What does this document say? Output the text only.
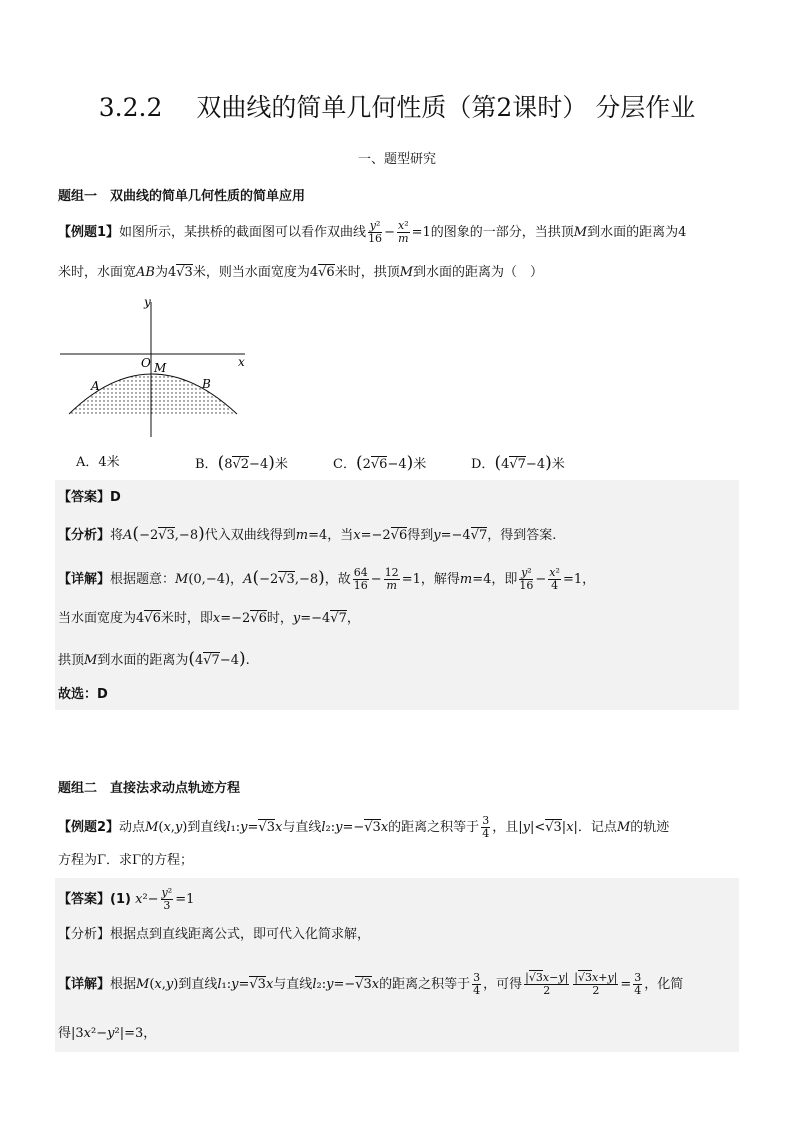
3.2.2 双曲线的简单几何性质（第2课时） 分层作业
一、题型研究
题组一　双曲线的简单几何性质的简单应用
【例题1】如图所示，某拱桥的截面图可以看作双曲线 $\frac{\text{y²}}{16} - \frac{\text{x²}}{m} =1$的图象的一部分，当拱顶M到水面的距离为4
米时，水面宽AB为4√3米，则当水面宽度为4√6米时，拱顶M到水面的距离为（　）
y
x
O M
A	B
A．4米	B．(8√2−4)米	C．(2√6−4)米	D．(4√7−4)米
【答案】D
【分析】将A(−2√3,−8)代入双曲线得到m=4，当x=−2√6得到y=−4√7，得到答案.
【详解】根据题意：M(0,−4)，A(−2√3,−8)，故 $\frac{64}{16} - \frac{12}{m} =1$，解得m=4，即 $\frac{\text{y²}}{16} - \frac{\text{x²}}{4} =1$，
当水面宽度为4√6米时，即x=−2√6时，y=−4√7，
拱顶M到水面的距离为(4√7−4).
故选：D
题组二　直接法求动点轨迹方程
【例题2】动点M(x,y)到直线l₁:y=√3x与直线l₂:y=−√3x的距离之积等于 $\frac{3}{4}$ ，且|y|<√3|x|．记点M的轨迹
方程为Γ．求Γ的方程；
【答案】(1) $x^2- \frac{\text{y²}}{3} =1$
【分析】根据点到直线距离公式，即可代入化简求解，
【详解】根据M(x,y)到直线l₁:y=√3x与直线l₂:y=−√3x的距离之积等于 $\frac{3}{4}$ ，可得 $\frac{|√3x-y|}{2} \frac{|√3x+y|}{2} = \frac{3}{4}$ ，化简
得|3x²−y²|=3，
